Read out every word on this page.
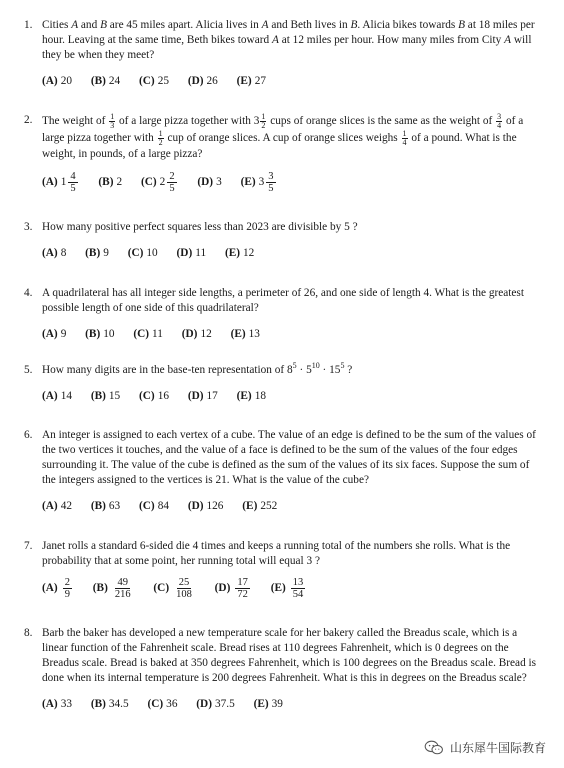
1. Cities A and B are 45 miles apart. Alicia lives in A and Beth lives in B. Alicia bikes towards B at 18 miles per hour. Leaving at the same time, Beth bikes toward A at 12 miles per hour. How many miles from City A will they be when they meet?
(A) 20 (B) 24 (C) 25 (D) 26 (E) 27
2. The weight of $\frac{1}{3}$ of a large pizza together with $3 \frac{1}{2}$ cups of orange slices is the same as the weight of $\frac{3}{4}$ of a large pizza together with $\frac{1}{2}$ cup of orange slices. A cup of orange slices weighs $\frac{1}{4}$ of a pound. What is the weight, in pounds, of a large pizza?
(A) $1 \frac{4}{5} (B)$ 2 (C) $2 \frac{2}{5} (D)$ 3 (E) $3 \frac{3}{5}$
3. How many positive perfect squares less than 2023 are divisible by 5 ?
(A) 8 (B) 9 (C) 10 (D) 11 (E) 12
4. A quadrilateral has all integer side lengths, a perimeter of 26, and one side of length 4. What is the greatest possible length of one side of this quadrilateral?
(A) 9 (B) 10 (C) 11 (D) 12 (E) 13
5. How many digits are in the base-ten representation of $8^5 \cdot 5^{10} \cdot 15^5$ ?
(A) 14 (B) 15 (C) 16 (D) 17 (E) 18
6. An integer is assigned to each vertex of a cube. The value of an edge is defined to be the sum of the values of the two vertices it touches, and the value of a face is defined to be the sum of the values of the four edges surrounding it. The value of the cube is defined as the sum of the values of its six faces. Suppose the sum of the integers assigned to the vertices is 21. What is the value of the cube?
(A) 42 (B) 63 (C) 84 (D) 126 (E) 252
7. Janet rolls a standard 6-sided die 4 times and keeps a running total of the numbers she rolls. What is the probability that at some point, her running total will equal 3 ?
$(A) \frac{2}{9} (B) \frac{49}{216} (C) \frac{25}{108} (D) \frac{17}{72} (E) \frac{13}{54}$
8. Barb the baker has developed a new temperature scale for her bakery called the Breadus scale, which is a linear function of the Fahrenheit scale. Bread rises at 110 degrees Fahrenheit, which is 0 degrees on the Breadus scale. Bread is baked at 350 degrees Fahrenheit, which is 100 degrees on the Breadus scale. Bread is done when its internal temperature is 200 degrees Fahrenheit. What is this in degrees on the Breadus scale?
(A) 33 (B) 34.5 (C) 36 (D) 37.5 (E) 39
山东犀牛国际教育
